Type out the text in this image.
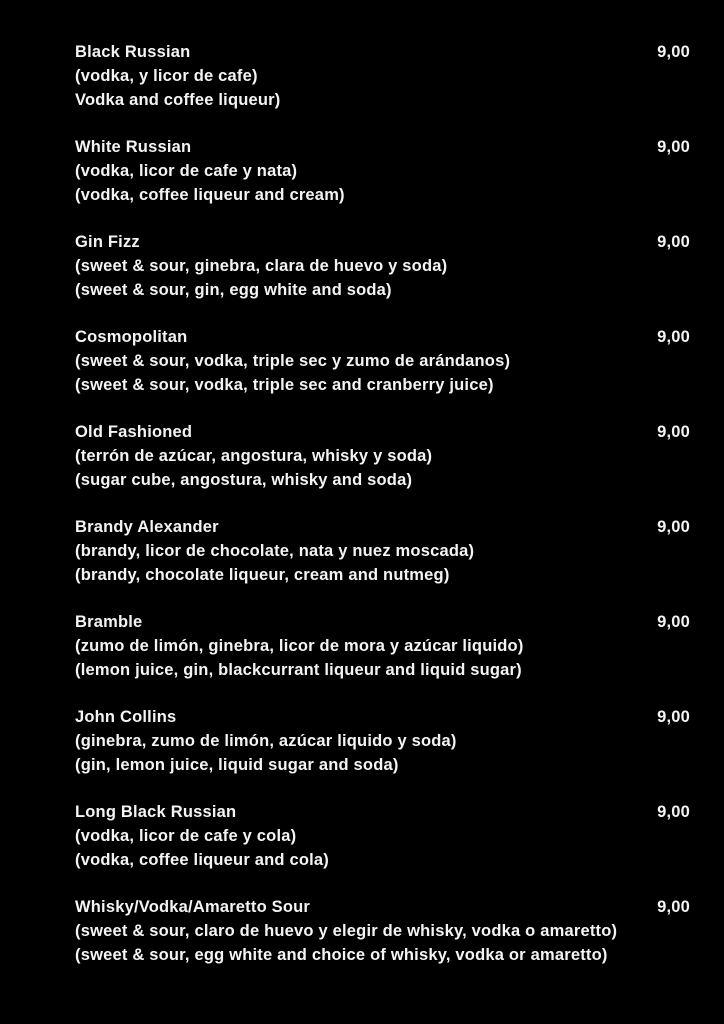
Black Russian	9,00
(vodka, y licor de cafe)
Vodka and coffee liqueur)
White Russian	9,00
(vodka, licor de cafe y nata)
(vodka, coffee liqueur and cream)
Gin Fizz	9,00
(sweet & sour, ginebra, clara de huevo y soda)
(sweet & sour, gin, egg white and soda)
Cosmopolitan	9,00
(sweet & sour, vodka, triple sec y zumo de arándanos)
(sweet & sour, vodka, triple sec and cranberry juice)
Old Fashioned	9,00
(terrón de azúcar, angostura, whisky y soda)
(sugar cube, angostura, whisky and soda)
Brandy Alexander	9,00
(brandy, licor de chocolate, nata y nuez moscada)
(brandy, chocolate liqueur, cream and nutmeg)
Bramble	9,00
(zumo de limón, ginebra, licor de mora y azúcar liquido)
(lemon juice, gin, blackcurrant liqueur and liquid sugar)
John Collins	9,00
(ginebra, zumo de limón, azúcar liquido y soda)
(gin, lemon juice, liquid sugar and soda)
Long Black Russian	9,00
(vodka, licor de cafe y cola)
(vodka, coffee liqueur and cola)
Whisky/Vodka/Amaretto Sour	9,00
(sweet & sour, claro de huevo y elegir de whisky, vodka o amaretto)
(sweet & sour, egg white and choice of whisky, vodka or amaretto)
